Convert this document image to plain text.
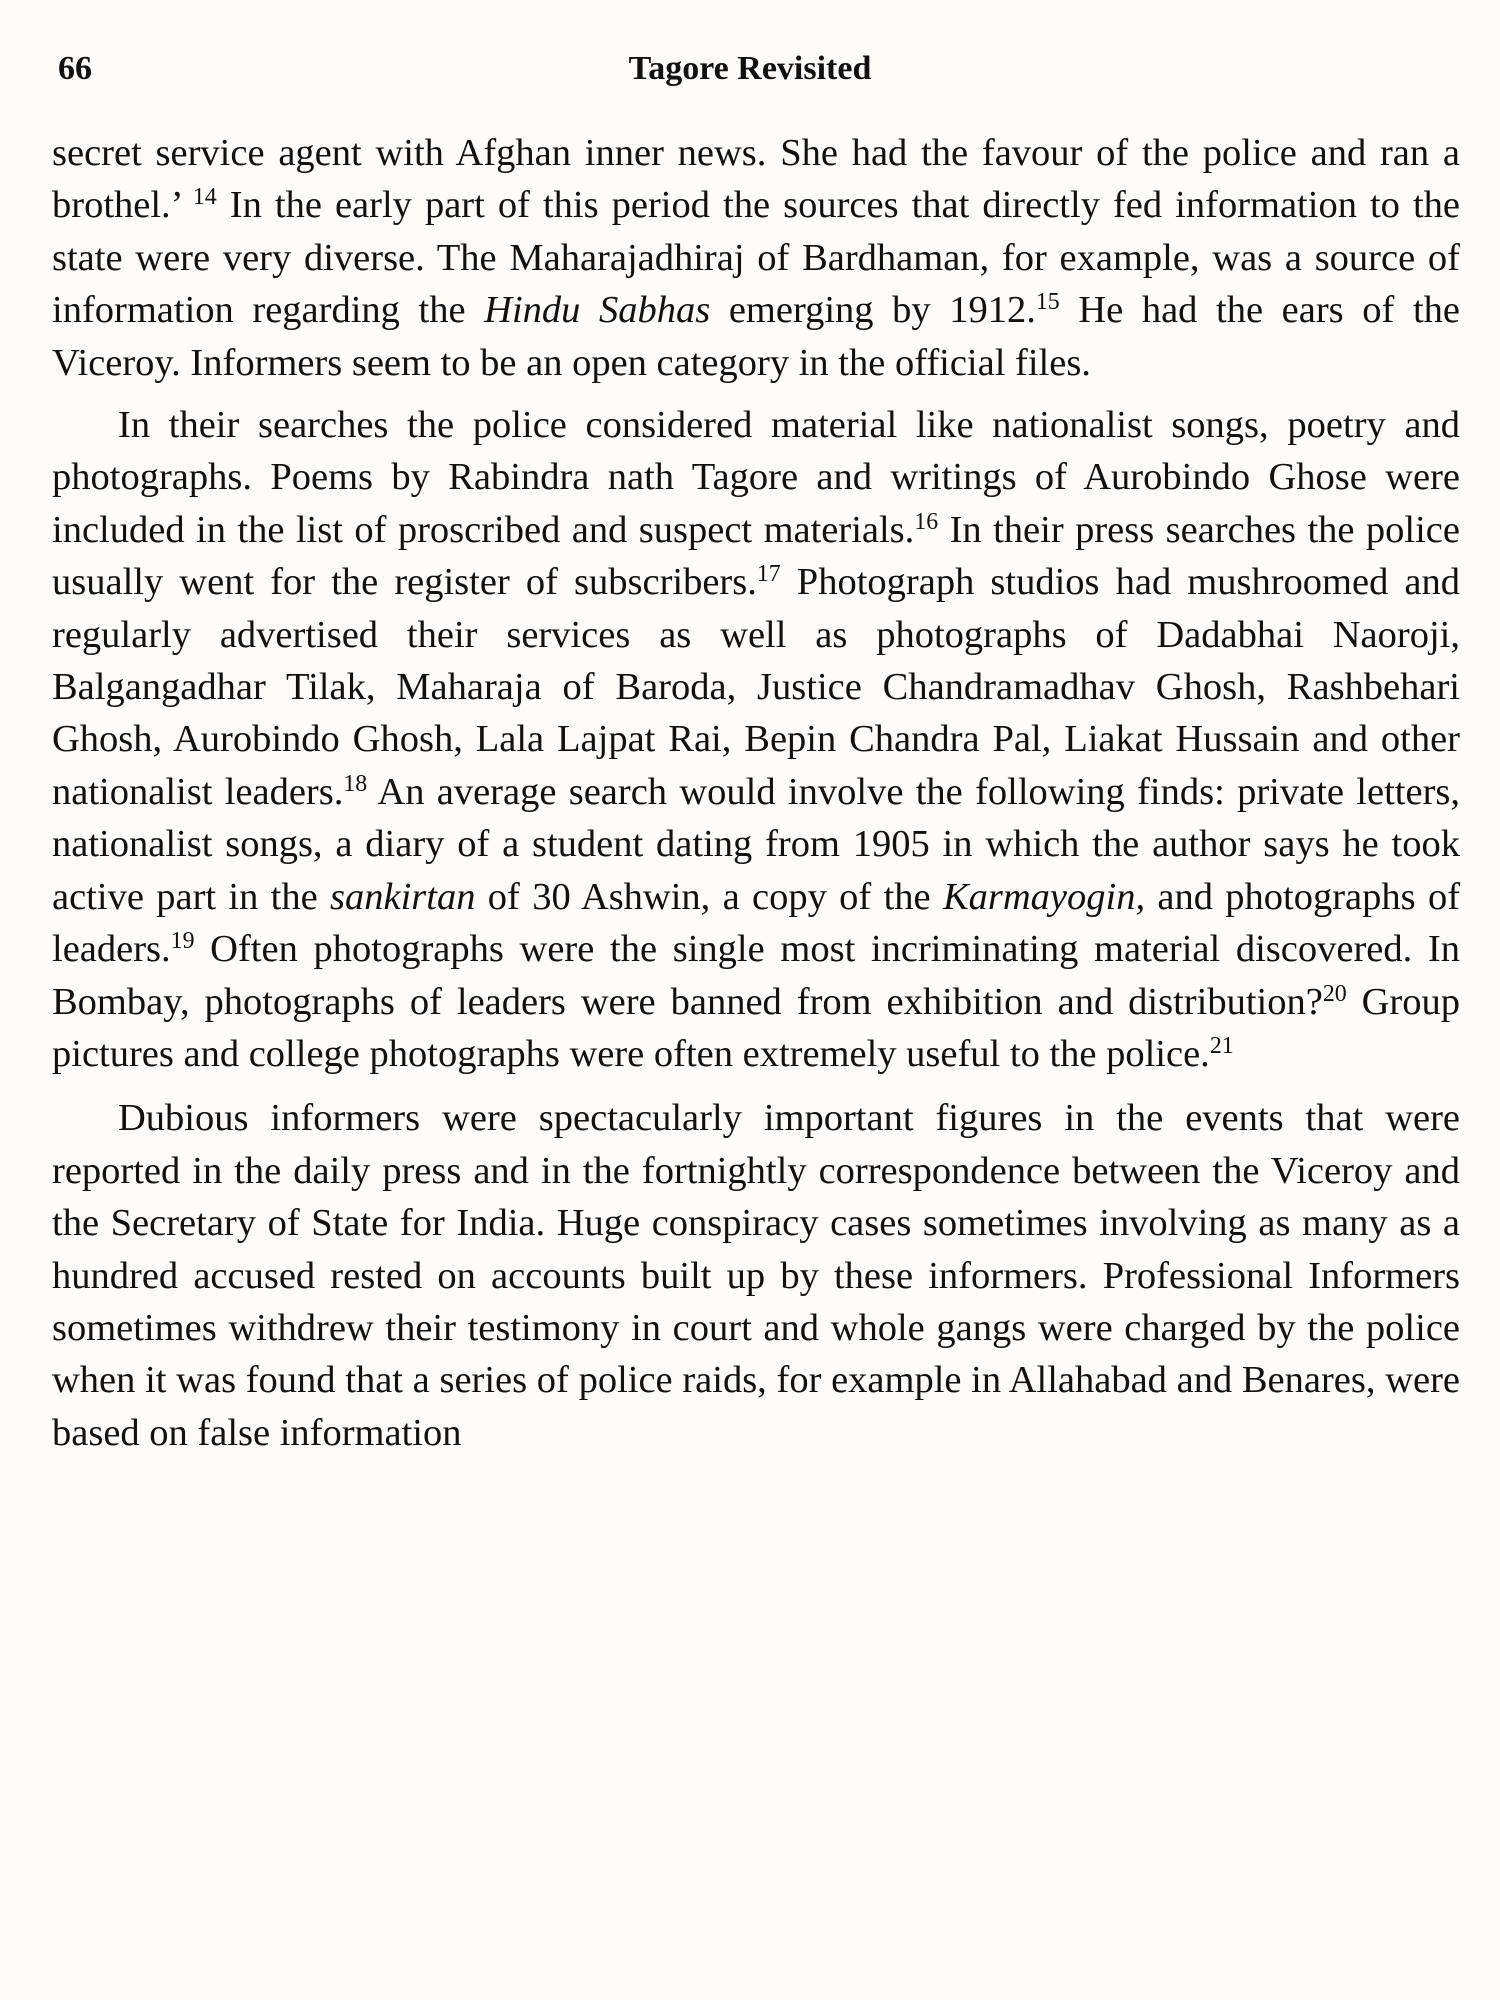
66	Tagore Revisited

secret service agent with Afghan inner news. She had the favour of the police and ran a brothel.’ $^{14}$ In the early part of this period the sources that directly fed information to the state were very diverse. The Maharajadhiraj of Bardhaman, for example, was a source of information regarding the Hindu Sabhas emerging by 1912.15 He had the ears of the Viceroy. Informers seem to be an open category in the official files.

In their searches the police considered material like nationalist songs, poetry and photographs. Poems by Rabindra nath Tagore and writings of Aurobindo Ghose were included in the list of proscribed and suspect materials.$^{16}$ In their press searches the police usually went for the register of subscribers.$^{17}$ Photograph studios had mushroomed and regularly advertised their services as well as photographs of Dadabhai Naoroji, Balgangadhar Tilak, Maharaja of Baroda, Justice Chandramadhav Ghosh, Rashbehari Ghosh, Aurobindo Ghosh, Lala Lajpat Rai, Bepin Chandra Pal, Liakat Hussain and other nationalist leaders.$^{18}$ An average search would involve the following finds: private letters, nationalist songs, a diary of a student dating from 1905 in which the author says he took active part in the sankirtan of 30 Ashwin, a copy of the Karmayogin, and photographs of leaders.$^{19}$ Often photographs were the single most incriminating material discovered. In Bombay, photographs of leaders were banned from exhibition and distribution?$^{20}$ Group pictures and college photographs were often extremely useful to the police.$^{21}$

Dubious informers were spectacularly important figures in the events that were reported in the daily press and in the fortnightly correspondence between the Viceroy and the Secretary of State for India. Huge conspiracy cases sometimes involving as many as a hundred accused rested on accounts built up by these informers. Professional Informers sometimes withdrew their testimony in court and whole gangs were charged by the police when it was found that a series of police raids, for example in Allahabad and Benares, were based on false information
